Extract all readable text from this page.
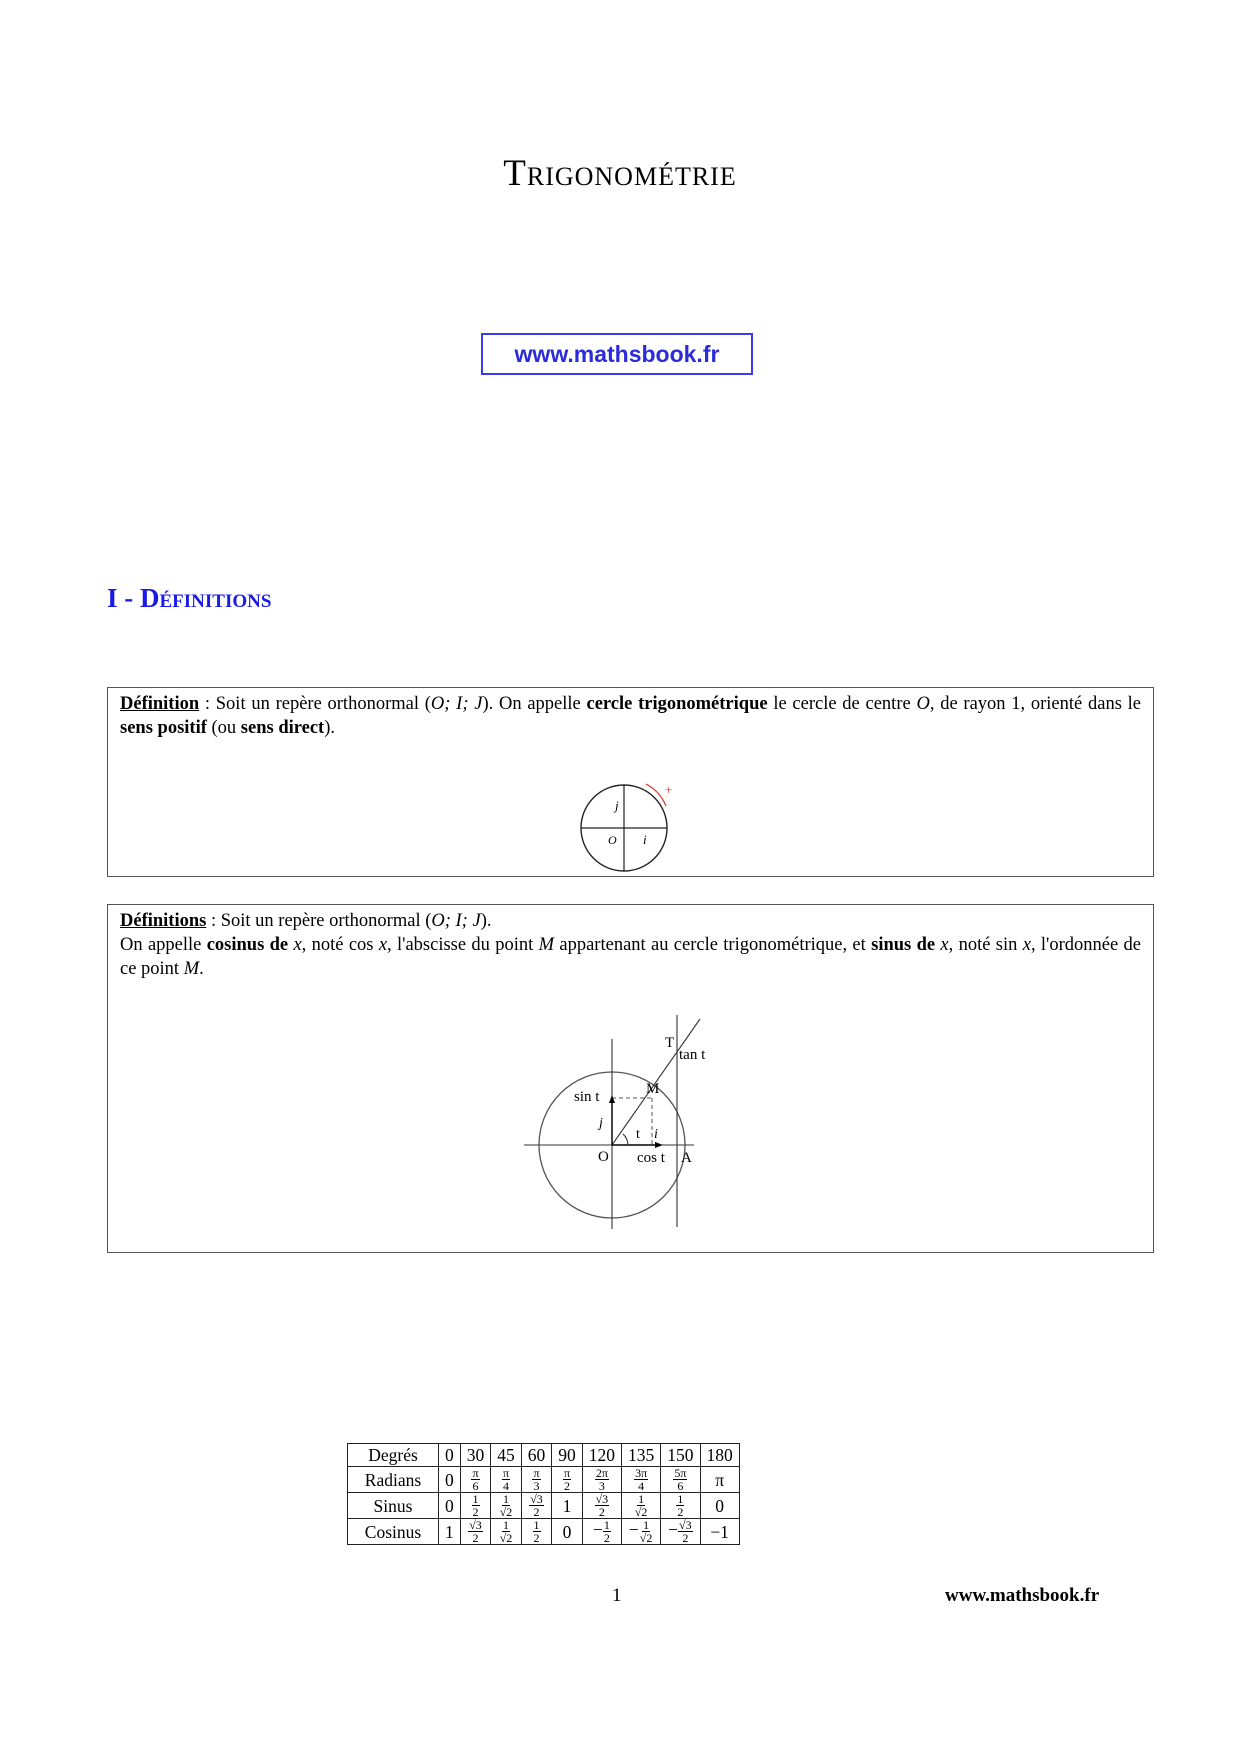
Trigonométrie
www.mathsbook.fr
I - Définitions
Définition : Soit un repère orthonormal (O; I; J). On appelle cercle trigonométrique le cercle de centre O, de rayon 1, orienté dans le sens positif (ou sens direct).
j
O i
+
Définitions : Soit un repère orthonormal (O; I; J).
On appelle cosinus de x, noté cos x, l'abscisse du point M appartenant au cercle trigonométrique, et sinus de x, noté sin x, l'ordonnée de ce point M.
T
tan t
M
sin t
j
t i
O cos t A
Degrés	0	30	45	60	90	120	135	150	180
Radians	0	$\frac{\pi}{6}$	$\frac{\pi}{4}$	$\frac{\pi}{3}$	$\frac{\pi}{2}$	$\frac{2\pi}{3}$	$\frac{3\pi}{4}$	$\frac{5\pi}{6}$	π
Sinus	0	$\frac{1}{2}$	$\frac{1}{√2}$	$\frac{√3}{2}$	1	$\frac{√3}{2}$	$\frac{1}{√2}$	$\frac{1}{2}$	0
Cosinus	1	$\frac{√3}{2}$	$\frac{1}{√2}$	$\frac{1}{2}$	0	− $\frac{1}{2}$	− $\frac{1}{√2}$	− $\frac{√3}{2}$	−1
1	www.mathsbook.fr
